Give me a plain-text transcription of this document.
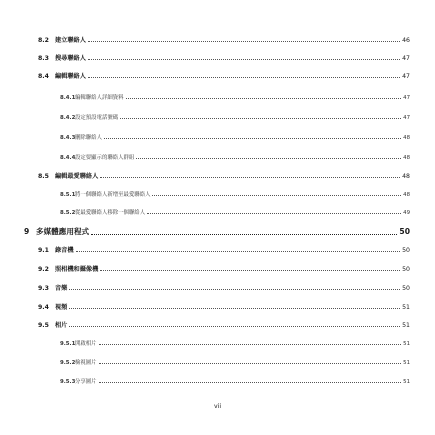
8.2 建立聯絡人	46
8.3 搜尋聯絡人	47
8.4 編輯聯絡人	47
8.4.1 編輯聯絡人詳細資料	47
8.4.2 設定預設電話號碼	47
8.4.3 刪除聯絡人	48
8.4.4 設定要顯示的聯絡人群組	48
8.5 編輯最愛聯絡人	48
8.5.1 將一個聯絡人新增至最愛聯絡人	48
8.5.2 從最愛聯絡人移除一個聯絡人	49
9 多媒體應用程式	50
9.1 錄音機	50
9.2 照相機和攝像機	50
9.3 音樂	50
9.4 視頻	51
9.5 相片	51
9.5.1 開啟相片	51
9.5.2 檢視圖片	51
9.5.3 分享圖片	51
vii
